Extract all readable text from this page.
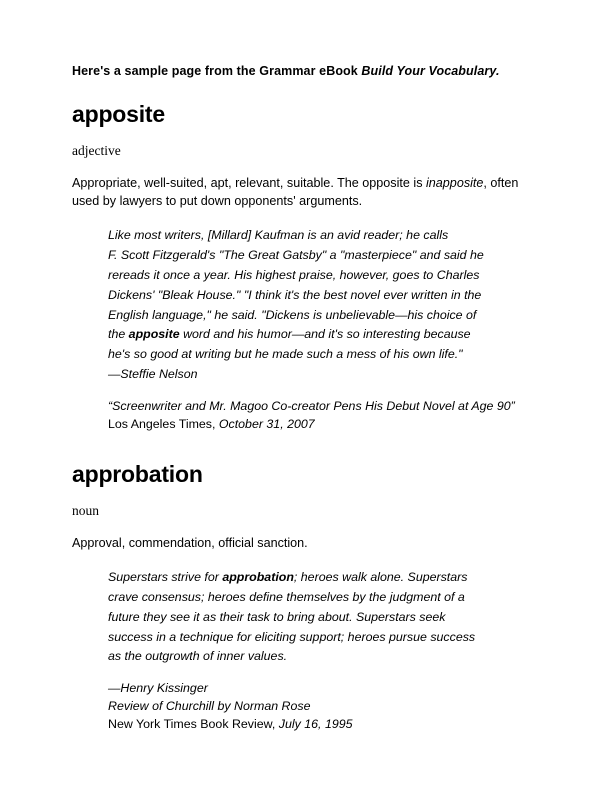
Here's a sample page from the Grammar eBook Build Your Vocabulary.

apposite

adjective

Appropriate, well-suited, apt, relevant, suitable. The opposite is inapposite, often used by lawyers to put down opponents' arguments.

Like most writers, [Millard] Kaufman is an avid reader; he calls
F. Scott Fitzgerald's "The Great Gatsby" a "masterpiece" and said he
rereads it once a year. His highest praise, however, goes to Charles
Dickens' "Bleak House." "I think it's the best novel ever written in the
English language," he said. "Dickens is unbelievable—his choice of
the apposite word and his humor—and it's so interesting because
he's so good at writing but he made such a mess of his own life."

—Steffie Nelson

“Screenwriter and Mr. Magoo Co-creator Pens His Debut Novel at Age 90”

Los Angeles Times, October 31, 2007

approbation

noun

Approval, commendation, official sanction.

Superstars strive for approbation; heroes walk alone. Superstars
crave consensus; heroes define themselves by the judgment of a
future they see it as their task to bring about. Superstars seek
success in a technique for eliciting support; heroes pursue success
as the outgrowth of inner values.

—Henry Kissinger

Review of Churchill by Norman Rose

New York Times Book Review, July 16, 1995
